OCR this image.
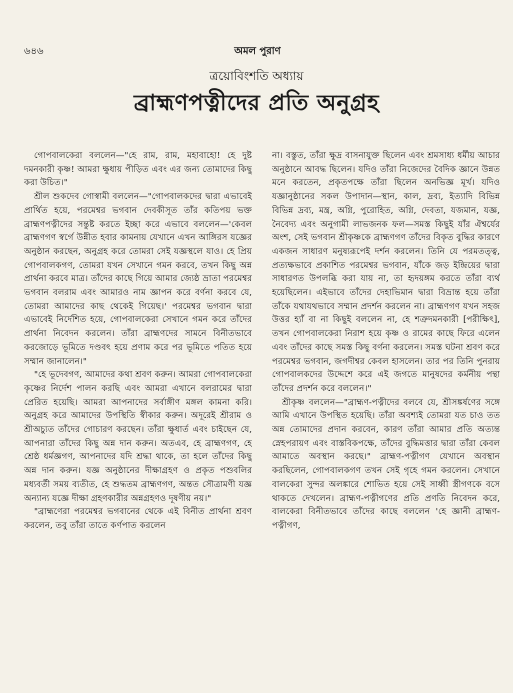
৬৪৬	অমল পুরাণ
ত্রয়োবিংশতি অধ্যায়
ব্রাহ্মণপত্নীদের প্রতি অনুগ্রহ

গোপবালকেরা বললেন—"হে রাম, রাম, মহাবাহো! হে দুষ্ট দমনকারী কৃষ্ণ! আমরা ক্ষুধায় পীড়িত এবং এর জন্য তোমাদের কিছু করা উচিত।"

শ্রীল শুকদেব গোস্বামী বললেন—"গোপবালকদের দ্বারা এভাবেই প্রার্থিত হয়ে, পরমেশ্বর ভগবান দেবকীসূত তাঁর কতিপয় ভক্ত ব্রাহ্মণপত্নীদের সন্তুষ্ট করতে ইচ্ছা করে এভাবে বললেন—'কেবল ব্রাহ্মণগণ স্বর্গে উন্নীত হবার কামনায় যেখানে এখন আঙ্গিরস যজ্ঞের অনুষ্ঠান করছেন, অনুগ্রহ করে তোমরা সেই যজ্ঞস্থলে যাও। হে প্রিয় গোপবালকগণ, তোমরা যখন সেখানে গমন করবে, তখন কিছু অন্ন প্রার্থনা করবে মাত্র। তাঁদের কাছে গিয়ে আমার জ্যেষ্ঠ ভ্রাতা পরমেশ্বর ভগবান বলরাম এবং আমারও নাম জ্ঞাপন করে বর্ণনা করবে যে, তোমরা আমাদের কাছ থেকেই গিয়েছ।' পরমেশ্বর ভগবান দ্বারা এভাবেই নির্দেশিত হয়ে, গোপবালকেরা সেখানে গমন করে তাঁদের প্রার্থনা নিবেদন করলেন। তাঁরা ব্রাহ্মণদের সামনে বিনীতভাবে করজোড়ে ভূমিতে দণ্ডবৎ হয়ে প্রণাম করে পর ভূমিতে পতিত হয়ে সম্মান জানালেন।"

"হে ভূদেবগণ, আমাদের কথা শ্রবণ করুন। আমরা গোপবালকেরা কৃষ্ণের নির্দেশ পালন করছি এবং আমরা এখানে বলরামের দ্বারা প্রেরিত হয়েছি। আমরা আপনাদের সর্বাঙ্গীণ মঙ্গল কামনা করি। অনুগ্রহ করে আমাদের উপস্থিতি স্বীকার করুন। অদূরেই শ্রীরাম ও শ্রীঅচ্যুত তাঁদের গোচারণ করছেন। তাঁরা ক্ষুধার্ত এবং চাইছেন যে, আপনারা তাঁদের কিছু অন্ন দান করুন। অতএব, হে ব্রাহ্মণগণ, হে শ্রেষ্ঠ ধর্মজ্ঞগণ, আপনাদের যদি শ্রদ্ধা থাকে, তা হলে তাঁদের কিছু অন্ন দান করুন। যজ্ঞ অনুষ্ঠানের দীক্ষাগ্রহণ ও প্রকৃত পশুবলির মধ্যবর্তী সময় ব্যতীত, হে শুদ্ধতম ব্রাহ্মণগণ, অন্তত সৌত্রামণী যজ্ঞ অন্যান্য যজ্ঞে দীক্ষা গ্রহণকারীর অন্নগ্রহণও দূষণীয় নয়।"

"ব্রাহ্মণেরা পরমেশ্বর ভগবানের থেকে এই বিনীত প্রার্থনা শ্রবণ করলেন, তবু তাঁরা তাতে কর্ণপাত করলেন

না। বস্তুত, তাঁরা ক্ষুদ্র বাসনাযুক্ত ছিলেন এবং শ্রমসাধ্য ধর্মীয় আচার অনুষ্ঠানে আবদ্ধ ছিলেন। যদিও তাঁরা নিজেদের বৈদিক জ্ঞানে উন্নত মনে করতেন, প্রকৃতপক্ষে তাঁরা ছিলেন অনভিজ্ঞ মূর্খ। যদিও যজ্ঞানুষ্ঠানের সকল উপাদান—স্থান, কাল, দ্রব্য, ইত্যাদি বিভিন্ন বিভিন্ন দ্রব্য, মন্ত্র, অগ্নি, পুরোহিত, অগ্নি, দেবতা, যজমান, যজ্ঞ, নৈবেদ্য এবং অনুগামী লাভজনক ফল—সমস্ত কিছুই যাঁর ঐশ্বর্যের অংশ, সেই ভগবান শ্রীকৃষ্ণকে ব্রাহ্মণগণ তাঁদের বিকৃত বুদ্ধির কারণে একজন সাধারণ মনুষ্যরূপেই দর্শন করলেন। তিনি যে পরমতত্ত্ব, প্রত্যক্ষভাবে প্রকাশিত পরমেশ্বর ভগবান, যাঁকে জড় ইন্দ্রিয়ের দ্বারা সাধারণত উপলব্ধি করা যায় না, তা হৃদয়ঙ্গম করতে তাঁরা ব্যর্থ হয়েছিলেন। এইভাবে তাঁদের দেহাভিমান দ্বারা বিভ্রান্ত হয়ে তাঁরা তাঁকে যথাযথভাবে সম্মান প্রদর্শন করলেন না। ব্রাহ্মণগণ যখন সহজ উত্তর হ্যাঁ বা না কিছুই বললেন না, হে শত্রুদমনকারী [পরীক্ষিৎ], তখন গোপবালকেরা নিরাশ হয়ে কৃষ্ণ ও রামের কাছে ফিরে এলেন এবং তাঁদের কাছে সমস্ত কিছু বর্ণনা করলেন। সমস্ত ঘটনা শ্রবণ করে পরমেশ্বর ভগবান, জগদীশ্বর কেবল হাসলেন। তার পর তিনি পুনরায় গোপবালকদের উদ্দেশে করে এই জগতে মানুষদের কর্মনীয় পন্থা তাঁদের প্রদর্শন করে বললেন।"

শ্রীকৃষ্ণ বললেন—"ব্রাহ্মণ-পত্নীদের বলবে যে, শ্রীসঙ্কর্ষণের সঙ্গে আমি এখানে উপস্থিত হয়েছি। তাঁরা অবশ্যই তোমরা যত চাও তত অন্ন তোমাদের প্রদান করবেন, কারণ তাঁরা আমার প্রতি অত্যন্ত স্নেহপরায়ণ এবং বাস্তবিকপক্ষে, তাঁদের বুদ্ধিমত্তার দ্বারা তাঁরা কেবল আমাতে অবস্থান করছে।" ব্রাহ্মণ-পত্নীগণ যেখানে অবস্থান করছিলেন, গোপবালকগণ তখন সেই গৃহে গমন করলেন। সেখানে বালকেরা সুন্দর অলঙ্কারে শোভিত হয়ে সেই সাধ্বী স্ত্রীগণকে বসে থাকতে দেখলেন। ব্রাহ্মণ-পত্নীগণের প্রতি প্রণতি নিবেদন করে, বালকেরা বিনীতভাবে তাঁদের কাছে বললেন 'হে জ্ঞানী ব্রাহ্মণ-পত্নীগণ,
